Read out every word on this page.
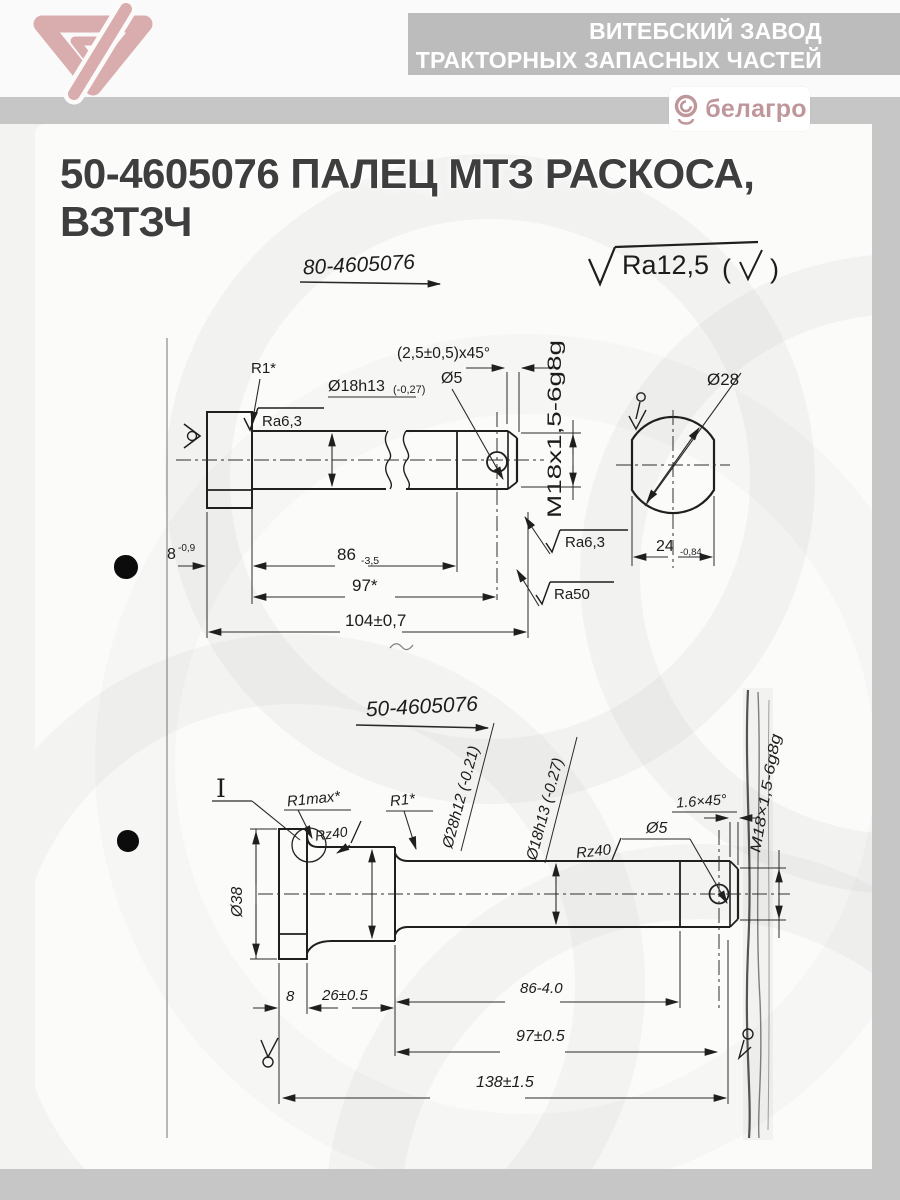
ВИТЕБСКИЙ ЗАВОД
ТРАКТОРНЫХ ЗАПАСНЫХ ЧАСТЕЙ
белагро
50-4605076 ПАЛЕЦ МТЗ РАСКОСА,
ВЗТЗЧ
80-4605076	Ra12,5 ( )
R1*
Ra6,3
(2,5±0,5)x45°
Ø18h13 (-0,27)
Ø5
M18x1,5-6g8g
8 -0,9	86 -3,5
97*
104±0,7
Ra6,3
Ra50
Ø28
24 -0,84
50-4605076
I
Ø38
R1max*
Rz40
R1* Ø28h12 (-0.21)	Ø18h13 (-0.27) Rz40
Ø5
1.6×45°
8 26±0.5	86-4.0
97±0.5
138±1.5
